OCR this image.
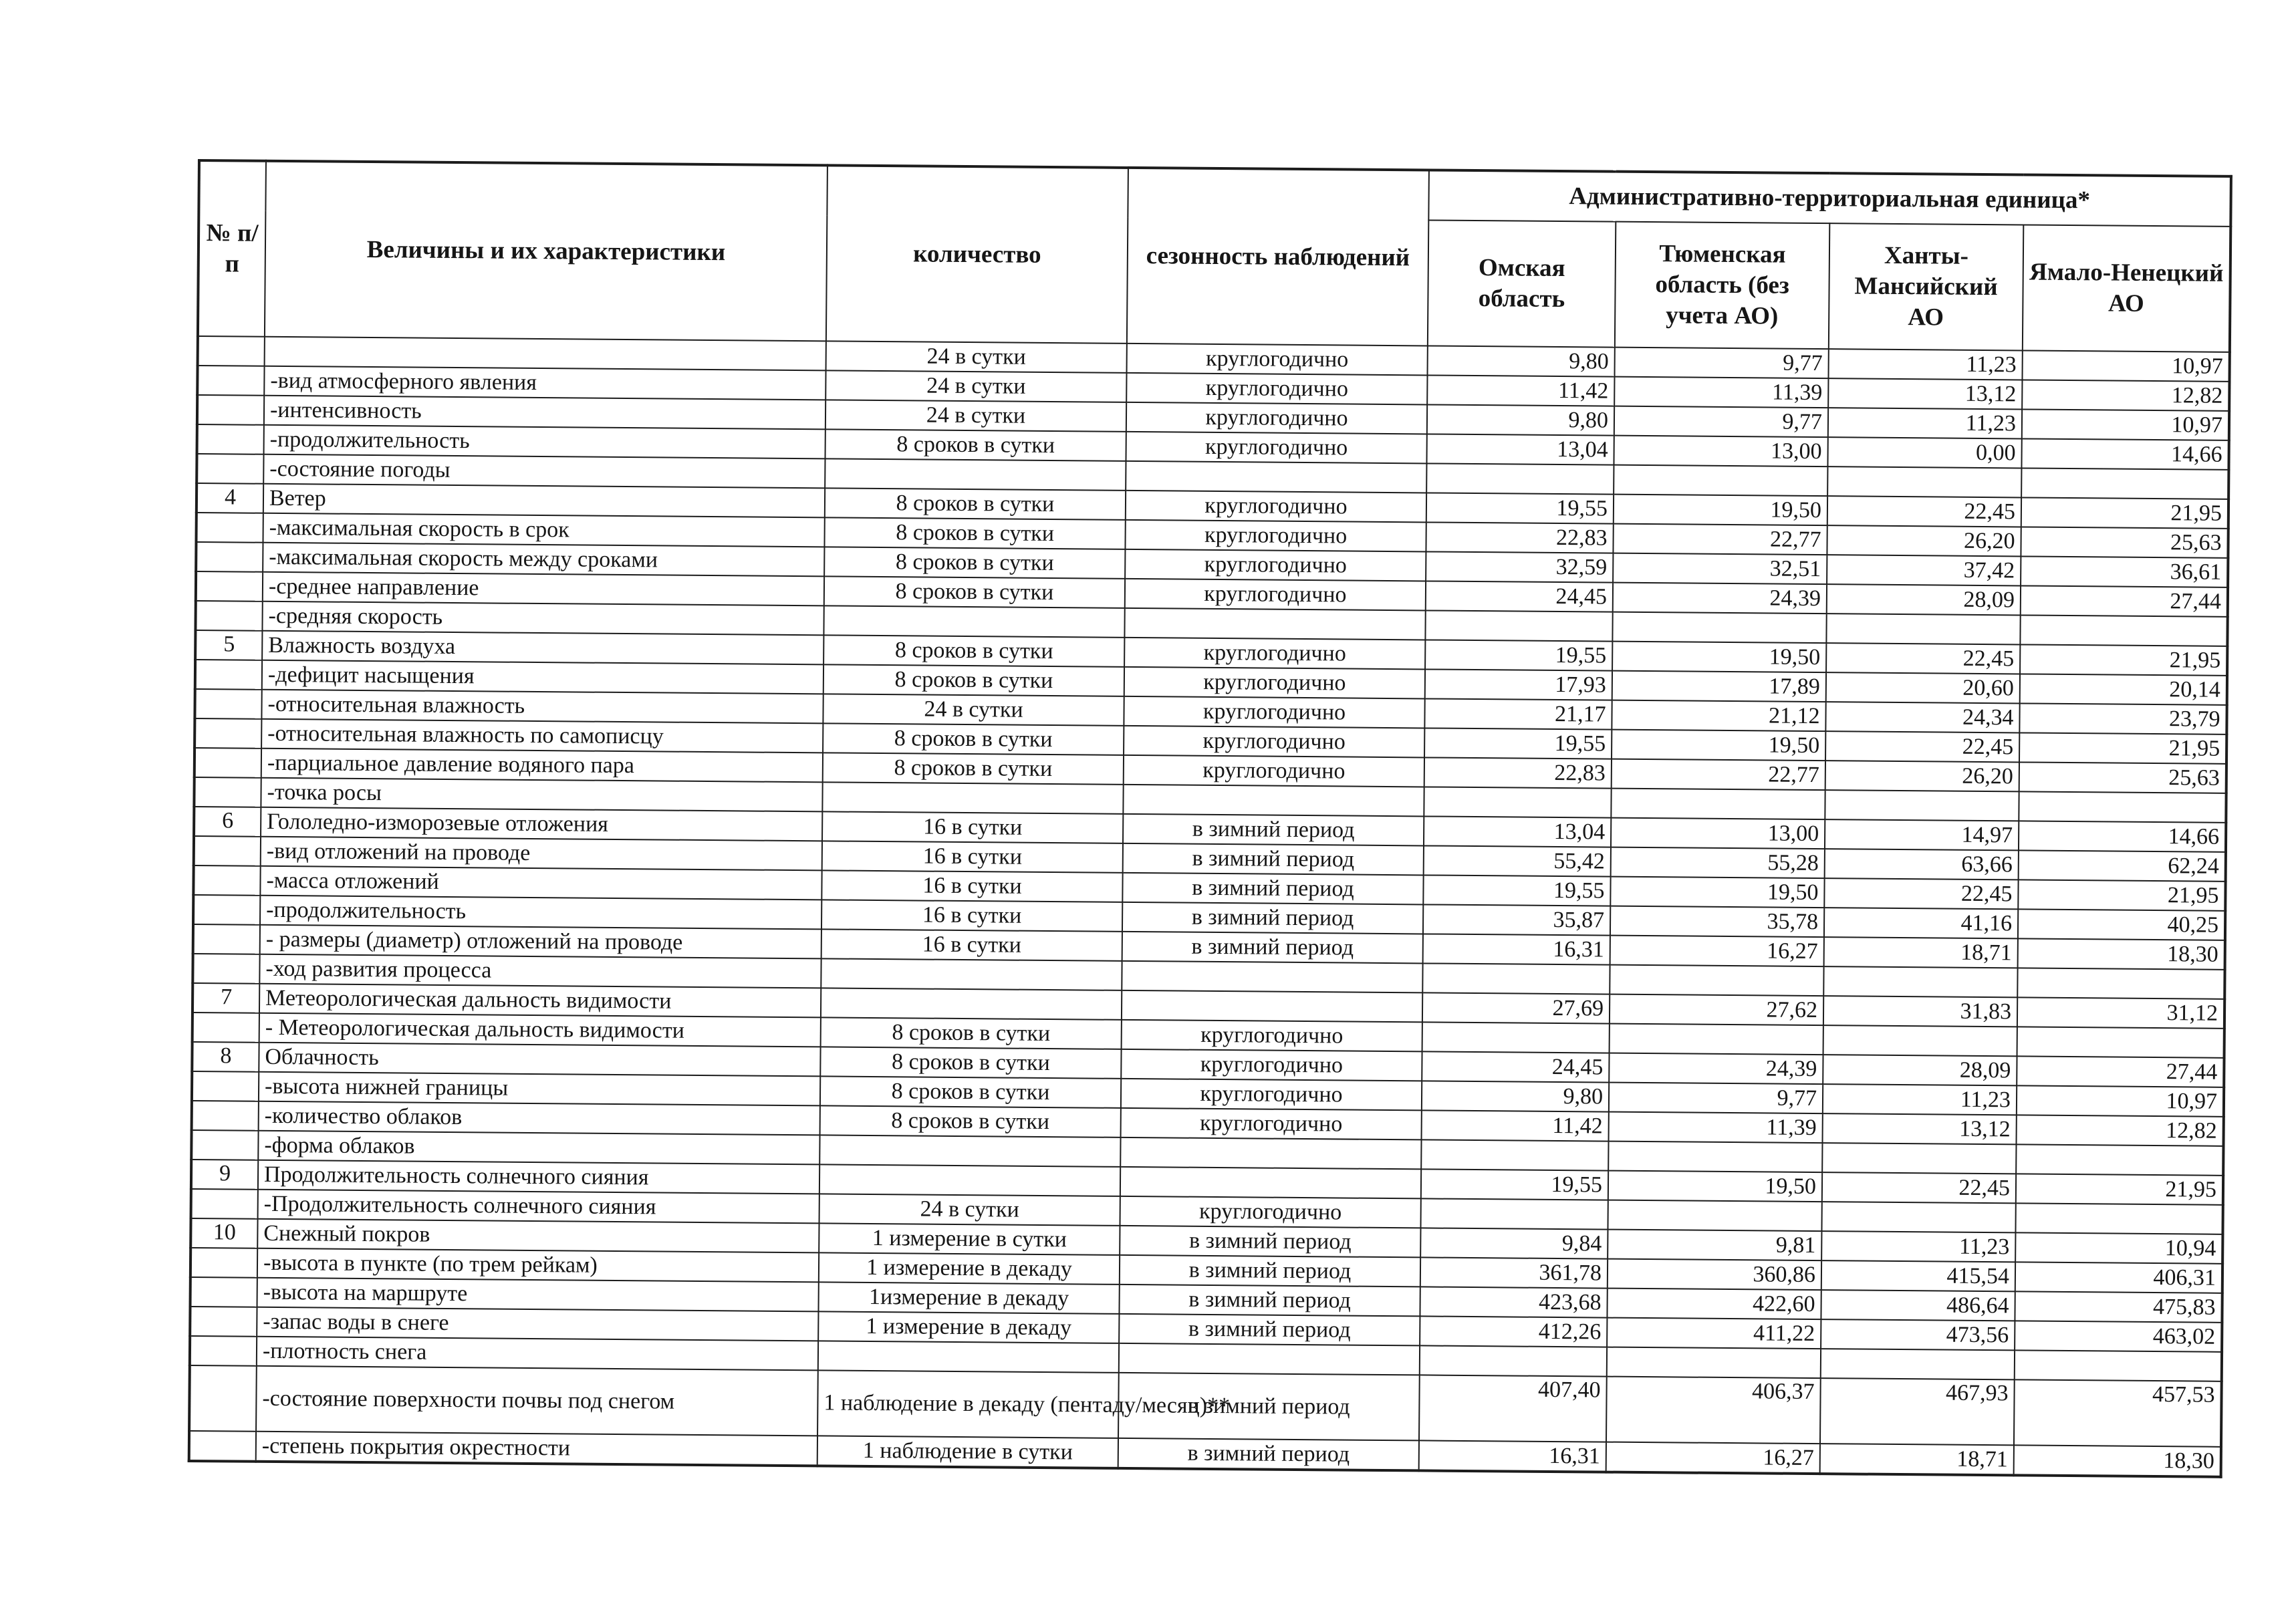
№ п/п	Величины и их характеристики	количество	сезонность наблюдений	Административно-территориальная единица*			
				Омская область	Тюменская область (без учета АО)	Ханты-Мансийский АО	Ямало-Ненецкий АО
		24 в сутки	круглогодично	9,80	9,77	11,23	10,97
	-вид атмосферного явления	24 в сутки	круглогодично	11,42	11,39	13,12	12,82
	-интенсивность	24 в сутки	круглогодично	9,80	9,77	11,23	10,97
	-продолжительность	8 сроков в сутки	круглогодично	13,04	13,00	0,00	14,66
	-состояние погоды						
4	Ветер	8 сроков в сутки	круглогодично	19,55	19,50	22,45	21,95
	-максимальная скорость в срок	8 сроков в сутки	круглогодично	22,83	22,77	26,20	25,63
	-максимальная скорость между сроками	8 сроков в сутки	круглогодично	32,59	32,51	37,42	36,61
	-среднее направление	8 сроков в сутки	круглогодично	24,45	24,39	28,09	27,44
	-средняя скорость						
5	Влажность воздуха	8 сроков в сутки	круглогодично	19,55	19,50	22,45	21,95
	-дефицит насыщения	8 сроков в сутки	круглогодично	17,93	17,89	20,60	20,14
	-относительная влажность	24 в сутки	круглогодично	21,17	21,12	24,34	23,79
	-относительная влажность по самописцу	8 сроков в сутки	круглогодично	19,55	19,50	22,45	21,95
	-парциальное давление водяного пара	8 сроков в сутки	круглогодично	22,83	22,77	26,20	25,63
	-точка росы						
6	Гололедно-изморозевые отложения	16 в сутки	в зимний период	13,04	13,00	14,97	14,66
	-вид отложений на проводе	16 в сутки	в зимний период	55,42	55,28	63,66	62,24
	-масса отложений	16 в сутки	в зимний период	19,55	19,50	22,45	21,95
	-продолжительность	16 в сутки	в зимний период	35,87	35,78	41,16	40,25
	- размеры (диаметр) отложений на проводе	16 в сутки	в зимний период	16,31	16,27	18,71	18,30
	-ход развития процесса						
7	Метеорологическая дальность видимости			27,69	27,62	31,83	31,12
	- Метеорологическая дальность видимости	8 сроков в сутки	круглогодично				
8	Облачность	8 сроков в сутки	круглогодично	24,45	24,39	28,09	27,44
	-высота нижней границы	8 сроков в сутки	круглогодично	9,80	9,77	11,23	10,97
	-количество облаков	8 сроков в сутки	круглогодично	11,42	11,39	13,12	12,82
	-форма облаков						
9	Продолжительность солнечного сияния			19,55	19,50	22,45	21,95
	-Продолжительность солнечного сияния	24 в сутки	круглогодично				
10	Снежный покров	1 измерение в сутки	в зимний период	9,84	9,81	11,23	10,94
	-высота в пункте (по трем рейкам)	1 измерение в декаду	в зимний период	361,78	360,86	415,54	406,31
	-высота на маршруте	1измерение в декаду	в зимний период	423,68	422,60	486,64	475,83
	-запас воды в снеге	1 измерение в декаду	в зимний период	412,26	411,22	473,56	463,02
	-плотность снега						
	-состояние поверхности почвы под снегом	1 наблюдение в декаду (пентаду/месяц)**	в зимний период	407,40	406,37	467,93	457,53
	-степень покрытия окрестности	1 наблюдение в сутки	в зимний период	16,31	16,27	18,71	18,30
